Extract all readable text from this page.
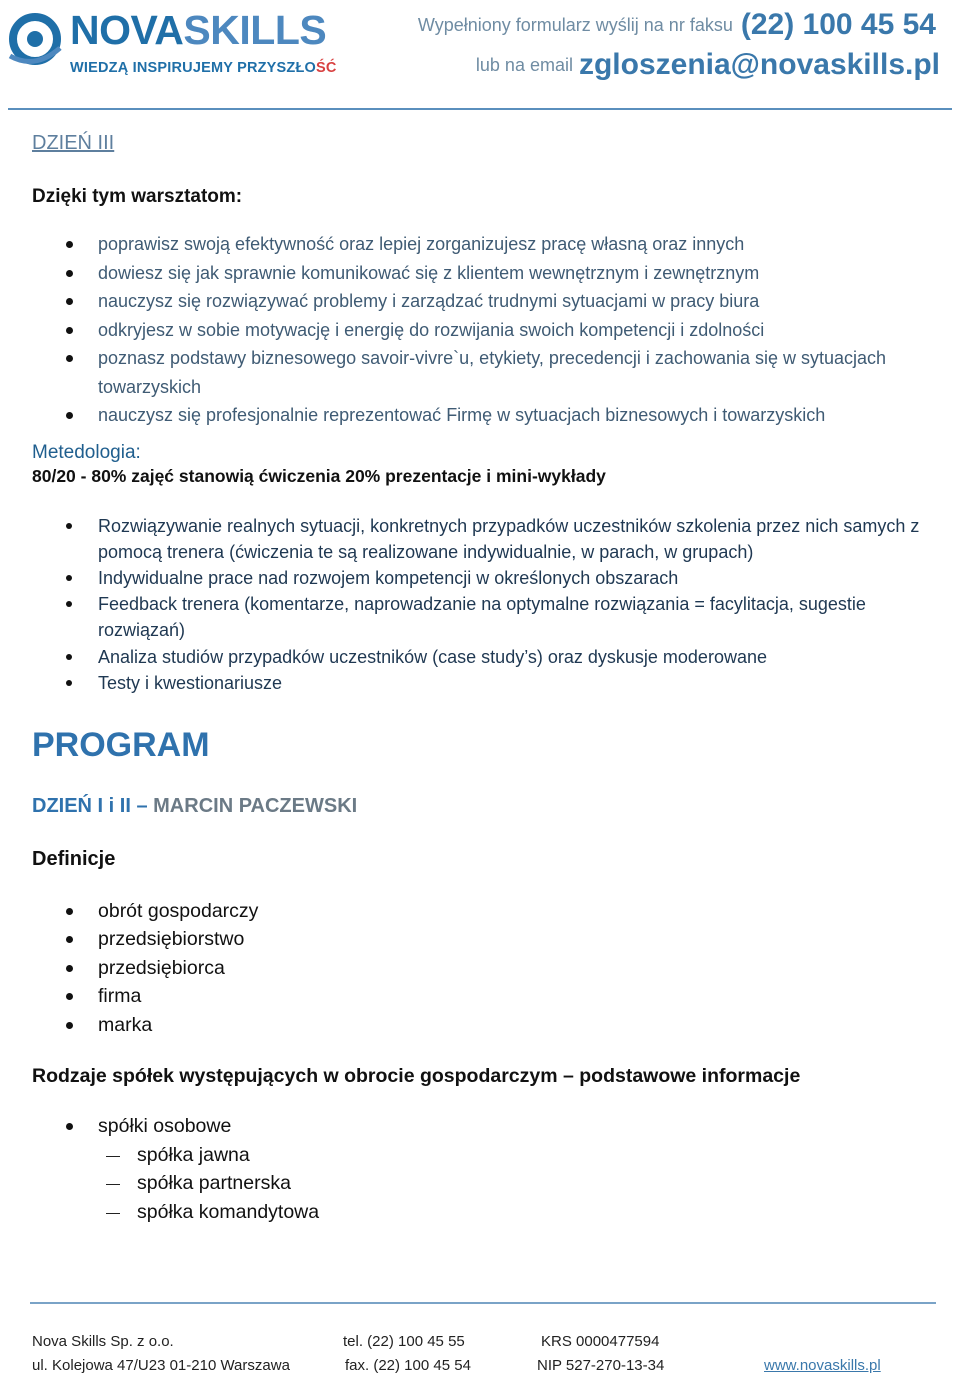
NOVASKILLS
WIEDZĄ INSPIRUJEMY PRZYSZŁOŚĆ
Wypełniony formularz wyślij na nr faksu (22) 100 45 54
lub na email zgloszenia@novaskills.pl
DZIEŃ III
Dzięki tym warsztatom:
poprawisz swoją efektywność oraz lepiej zorganizujesz pracę własną oraz innych
dowiesz się jak sprawnie komunikować się z klientem wewnętrznym i zewnętrznym
nauczysz się rozwiązywać problemy i zarządzać trudnymi sytuacjami w pracy biura
odkryjesz w sobie motywację i energię do rozwijania swoich kompetencji i zdolności
poznasz podstawy biznesowego savoir-vivre`u, etykiety, precedencji i zachowania się w sytuacjach towarzyskich
nauczysz się profesjonalnie reprezentować Firmę w sytuacjach biznesowych i towarzyskich
Metedologia:
80/20 - 80% zajęć stanowią ćwiczenia 20% prezentacje i mini-wykłady
Rozwiązywanie realnych sytuacji, konkretnych przypadków uczestników szkolenia przez nich samych z pomocą trenera (ćwiczenia te są realizowane indywidualnie, w parach, w grupach)
Indywidualne prace nad rozwojem kompetencji w określonych obszarach
Feedback trenera (komentarze, naprowadzanie na optymalne rozwiązania = facylitacja, sugestie rozwiązań)
Analiza studiów przypadków uczestników (case study’s) oraz dyskusje moderowane
Testy i kwestionariusze
PROGRAM
DZIEŃ I i II – MARCIN PACZEWSKI
Definicje
obrót gospodarczy
przedsiębiorstwo
przedsiębiorca
firma
marka
Rodzaje spółek występujących w obrocie gospodarczym – podstawowe informacje
spółki osobowe
spółka jawna
spółka partnerska
spółka komandytowa
Nova Skills Sp. z o.o.
ul. Kolejowa 47/U23 01-210 Warszawa
tel. (22) 100 45 55
fax. (22) 100 45 54
KRS 0000477594
NIP 527-270-13-34	www.novaskills.pl
